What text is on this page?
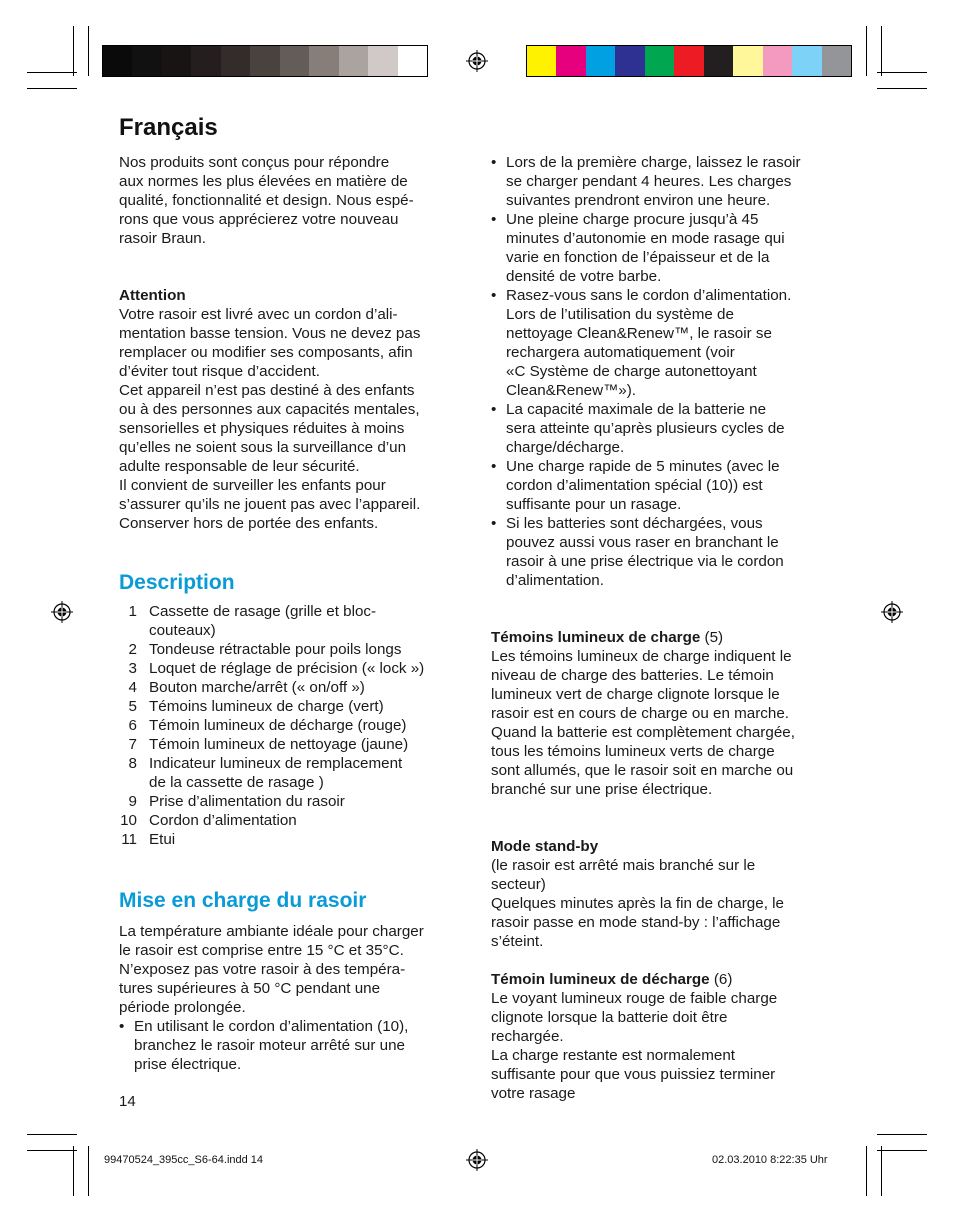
Français
Nos produits sont conçus pour répondre
aux normes les plus élevées en matière de
qualité, fonctionnalité et design. Nous espé-
rons que vous apprécierez votre nouveau
rasoir Braun.

Attention

Votre rasoir est livré avec un cordon d’ali-
mentation basse tension. Vous ne devez pas
remplacer ou modifier ses composants, afin
d’éviter tout risque d’accident.
Cet appareil n’est pas destiné à des enfants
ou à des personnes aux capacités mentales,
sensorielles et physiques réduites à moins
qu’elles ne soient sous la surveillance d’un
adulte responsable de leur sécurité.
Il convient de surveiller les enfants pour
s’assurer qu’ils ne jouent pas avec l’appareil.
Conserver hors de portée des enfants.

Description

1 Cassette de rasage (grille et bloc-
couteaux)
2 Tondeuse rétractable pour poils longs
3 Loquet de réglage de précision (« lock »)
4 Bouton marche/arrêt (« on/off »)
5 Témoins lumineux de charge (vert)
6 Témoin lumineux de décharge (rouge)
7 Témoin lumineux de nettoyage (jaune)
8 Indicateur lumineux de remplacement
de la cassette de rasage )
9 Prise d’alimentation du rasoir
10 Cordon d’alimentation
11 Etui

Mise en charge du rasoir

La température ambiante idéale pour charger
le rasoir est comprise entre 15 °C et 35°C.
N’exposez pas votre rasoir à des tempéra-
tures supérieures à 50 °C pendant une
période prolongée.
• En utilisant le cordon d’alimentation (10),
branchez le rasoir moteur arrêté sur une
prise électrique.
• Lors de la première charge, laissez le rasoir
se charger pendant 4 heures. Les charges
suivantes prendront environ une heure.
• Une pleine charge procure jusqu’à 45
minutes d’autonomie en mode rasage qui
varie en fonction de l’épaisseur et de la
densité de votre barbe.
• Rasez-vous sans le cordon d’alimentation.
Lors de l’utilisation du système de
nettoyage Clean&Renew™, le rasoir se
rechargera automatiquement (voir
«C Système de charge autonettoyant
Clean&Renew™»).
• La capacité maximale de la batterie ne
sera atteinte qu’après plusieurs cycles de
charge/décharge.
• Une charge rapide de 5 minutes (avec le
cordon d’alimentation spécial (10)) est
suffisante pour un rasage.
• Si les batteries sont déchargées, vous
pouvez aussi vous raser en branchant le
rasoir à une prise électrique via le cordon
d’alimentation.

Témoins lumineux de charge (5)

Les témoins lumineux de charge indiquent le
niveau de charge des batteries. Le témoin
lumineux vert de charge clignote lorsque le
rasoir est en cours de charge ou en marche.
Quand la batterie est complètement chargée,
tous les témoins lumineux verts de charge
sont allumés, que le rasoir soit en marche ou
branché sur une prise électrique.

Mode stand-by

(le rasoir est arrêté mais branché sur le
secteur)
Quelques minutes après la fin de charge, le
rasoir passe en mode stand-by : l’affichage
s’éteint.

Témoin lumineux de décharge (6)

Le voyant lumineux rouge de faible charge
clignote lorsque la batterie doit être
rechargée.
La charge restante est normalement
suffisante pour que vous puissiez terminer
votre rasage
14
99470524_395cc_S6-64.indd 14	02.03.2010 8:22:35 Uhr
